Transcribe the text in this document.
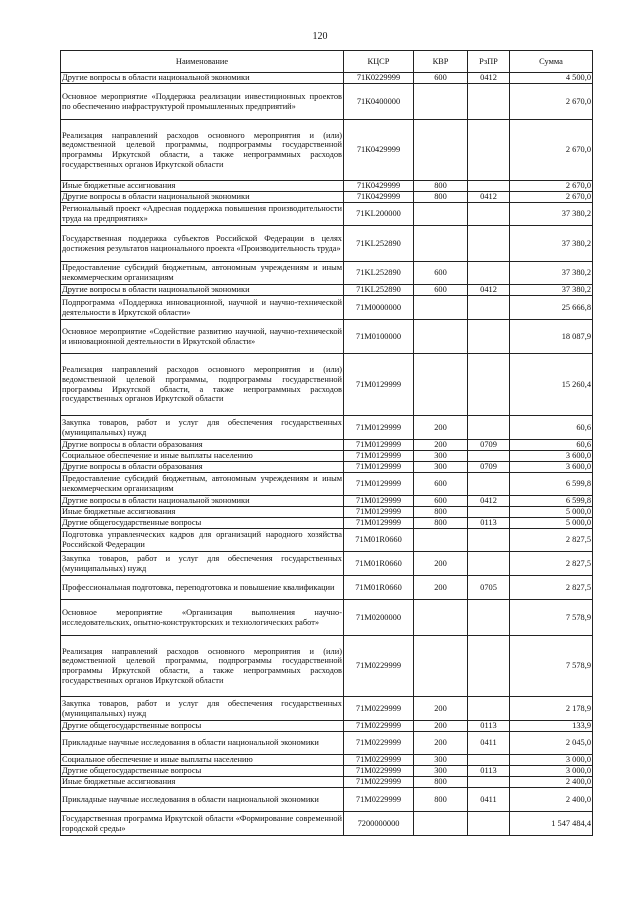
120
Наименование	КЦСР	КВР	РзПР	Сумма
Другие вопросы в области национальной экономики	71К0229999	600	0412	4 500,0
Основное мероприятие «Поддержка реализации инвестиционных проектов по обеспечению инфраструктурой промышленных предприятий»	71К0400000			2 670,0
Реализация направлений расходов основного мероприятия и (или) ведомственной целевой программы, подпрограммы государственной программы Иркутской области, а также непрограммных расходов государственных органов Иркутской области	71К0429999			2 670,0
Иные бюджетные ассигнования	71К0429999	800		2 670,0
Другие вопросы в области национальной экономики	71К0429999	800	0412	2 670,0
Региональный проект «Адресная поддержка повышения производительности труда на предприятиях»	71KL200000			37 380,2
Государственная поддержка субъектов Российской Федерации в целях достижения результатов национального проекта «Производительность труда»	71KL252890			37 380,2
Предоставление субсидий бюджетным, автономным учреждениям и иным некоммерческим организациям	71KL252890	600		37 380,2
Другие вопросы в области национальной экономики	71KL252890	600	0412	37 380,2
Подпрограмма «Поддержка инновационной, научной и научно-технической деятельности в Иркутской области»	71М0000000			25 666,8
Основное мероприятие «Содействие развитию научной, научно-технической и инновационной деятельности в Иркутской области»	71М0100000			18 087,9
Реализация направлений расходов основного мероприятия и (или) ведомственной целевой программы, подпрограммы государственной программы Иркутской области, а также непрограммных расходов государственных органов Иркутской области	71М0129999			15 260,4
Закупка товаров, работ и услуг для обеспечения государственных (муниципальных) нужд	71М0129999	200		60,6
Другие вопросы в области образования	71М0129999	200	0709	60,6
Социальное обеспечение и иные выплаты населению	71М0129999	300		3 600,0
Другие вопросы в области образования	71М0129999	300	0709	3 600,0
Предоставление субсидий бюджетным, автономным учреждениям и иным некоммерческим организациям	71М0129999	600		6 599,8
Другие вопросы в области национальной экономики	71М0129999	600	0412	6 599,8
Иные бюджетные ассигнования	71М0129999	800		5 000,0
Другие общегосударственные вопросы	71М0129999	800	0113	5 000,0
Подготовка управленческих кадров для организаций народного хозяйства Российской Федерации	71М01R0660			2 827,5
Закупка товаров, работ и услуг для обеспечения государственных (муниципальных) нужд	71М01R0660	200		2 827,5
Профессиональная подготовка, переподготовка и повышение квалификации	71М01R0660	200	0705	2 827,5
Основное мероприятие «Организация выполнения научно-исследовательских, опытно-конструкторских и технологических работ»	71М0200000			7 578,9
Реализация направлений расходов основного мероприятия и (или) ведомственной целевой программы, подпрограммы государственной программы Иркутской области, а также непрограммных расходов государственных органов Иркутской области	71М0229999			7 578,9
Закупка товаров, работ и услуг для обеспечения государственных (муниципальных) нужд	71М0229999	200		2 178,9
Другие общегосударственные вопросы	71М0229999	200	0113	133,9
Прикладные научные исследования в области национальной экономики	71М0229999	200	0411	2 045,0
Социальное обеспечение и иные выплаты населению	71М0229999	300		3 000,0
Другие общегосударственные вопросы	71М0229999	300	0113	3 000,0
Иные бюджетные ассигнования	71М0229999	800		2 400,0
Прикладные научные исследования в области национальной экономики	71М0229999	800	0411	2 400,0
Государственная программа Иркутской области «Формирование современной городской среды»	7200000000			1 547 484,4
